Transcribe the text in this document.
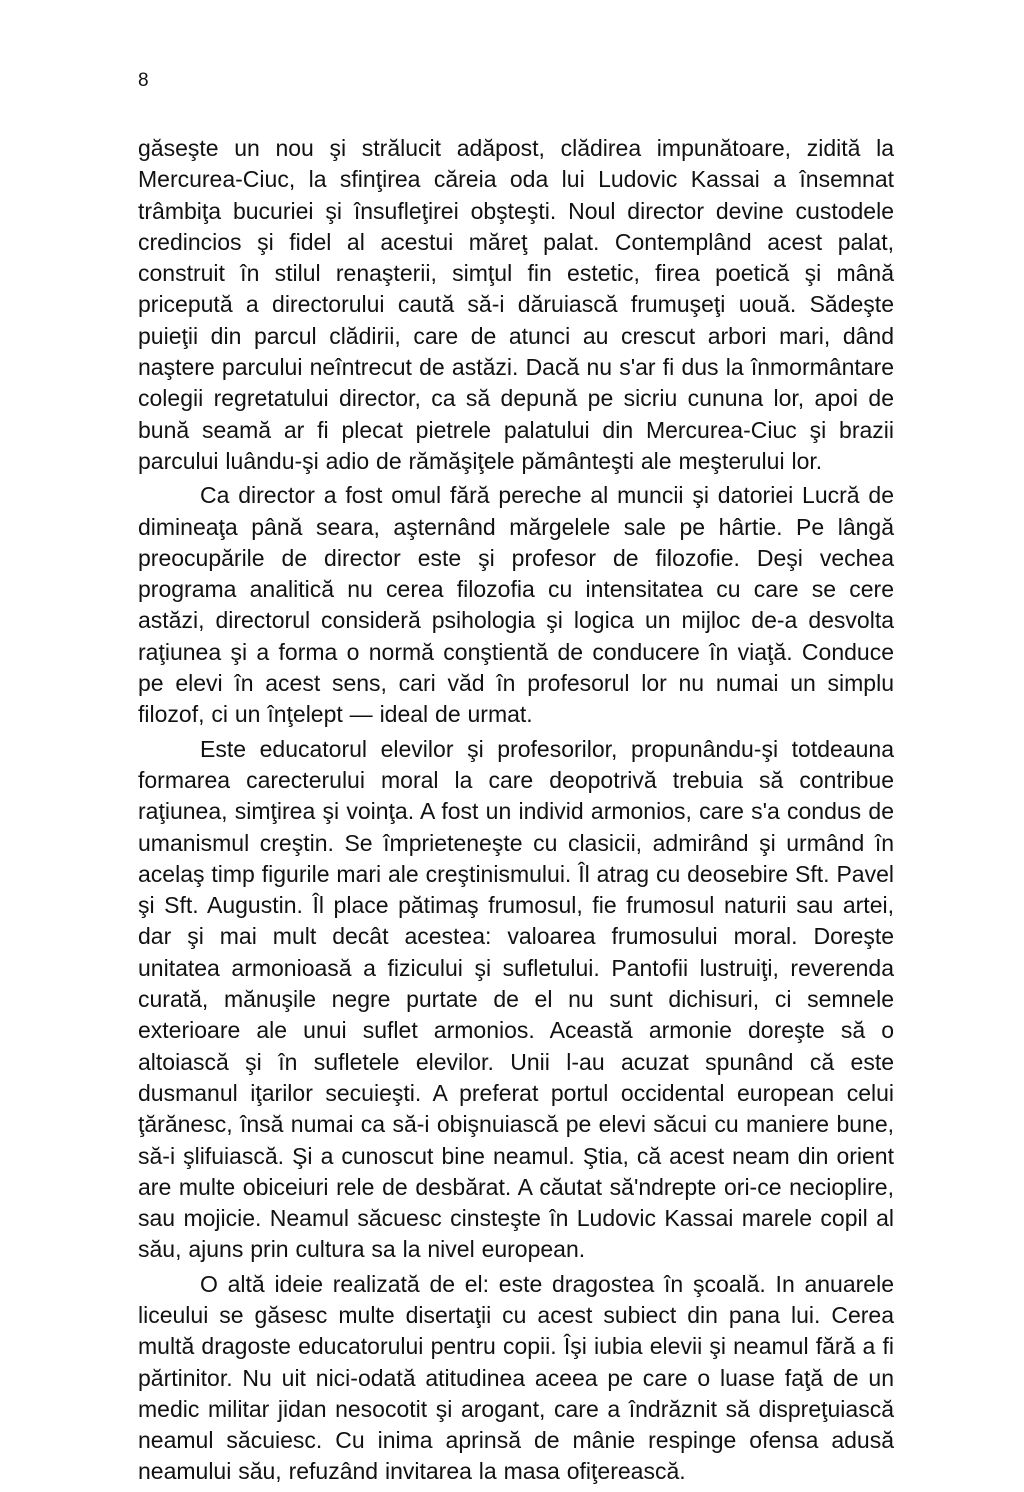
8

găseşte un nou şi strălucit adăpost, clădirea impunătoare, zidită la Mercurea-Ciuc, la sfinţirea căreia oda lui Ludovic Kassai a însemnat trâmbiţa bucuriei şi însufleţirei obşteşti. Noul director devine custodele credincios şi fidel al acestui măreţ palat. Contemplând acest palat, construit în stilul renaşterii, simţul fin estetic, firea poetică şi mână pricepută a directorului caută să-i dăruiască frumuşeţi uouă. Sădeşte puieţii din parcul clădirii, care de atunci au crescut arbori mari, dând naştere parcului neîntrecut de astăzi. Dacă nu s'ar fi dus la înmormântare colegii regretatului director, ca să depună pe sicriu cununa lor, apoi de bună seamă ar fi plecat pietrele palatului din Mercurea-Ciuc şi brazii parcului luându-şi adio de rămăşiţele pământeşti ale meşterului lor.

Ca director a fost omul fără pereche al muncii şi datoriei Lucră de dimineaţa până seara, aşternând mărgelele sale pe hârtie. Pe lângă preocupările de director este şi profesor de filozofie. Deşi vechea programa analitică nu cerea filozofia cu intensitatea cu care se cere astăzi, directorul consideră psihologia şi logica un mijloc de-a desvolta raţiunea şi a forma o normă conştientă de conducere în viaţă. Conduce pe elevi în acest sens, cari văd în profesorul lor nu numai un simplu filozof, ci un înţelept — ideal de urmat.

Este educatorul elevilor şi profesorilor, propunându-şi totdeauna formarea carecterului moral la care deopotrivă trebuia să contribue raţiunea, simţirea şi voinţa. A fost un individ armonios, care s'a condus de umanismul creştin. Se împrieteneşte cu clasicii, admirând şi urmând în acelaş timp figurile mari ale creştinismului. Îl atrag cu deosebire Sft. Pavel şi Sft. Augustin. Îl place pătimaş frumosul, fie frumosul naturii sau artei, dar şi mai mult decât acestea: valoarea frumosului moral. Doreşte unitatea armonioasă a fizicului şi sufletului. Pantofii lustruiţi, reverenda curată, mănuşile negre purtate de el nu sunt dichisuri, ci semnele exterioare ale unui suflet armonios. Această armonie doreşte să o altoiască şi în sufletele elevilor. Unii l-au acuzat spunând că este dusmanul iţarilor secuieşti. A preferat portul occidental european celui ţărănesc, însă numai ca să-i obişnuiască pe elevi săcui cu maniere bune, să-i şlifuiască. Şi a cunoscut bine neamul. Ştia, că acest neam din orient are multe obiceiuri rele de desbărat. A căutat să'ndrepte ori-ce necioplire, sau mojicie. Neamul săcuesc cinsteşte în Ludovic Kassai marele copil al său, ajuns prin cultura sa la nivel european.

O altă ideie realizată de el: este dragostea în şcoală. In anuarele liceului se găsesc multe disertaţii cu acest subiect din pana lui. Cerea multă dragoste educatorului pentru copii. Îşi iubia elevii şi neamul fără a fi părtinitor. Nu uit nici-odată atitudinea aceea pe care o luase faţă de un medic militar jidan nesocotit şi arogant, care a îndrăznit să dispreţuiască neamul săcuiesc. Cu inima aprinsă de mânie respinge ofensa adusă neamului său, refuzând invitarea la masa ofiţerească.
